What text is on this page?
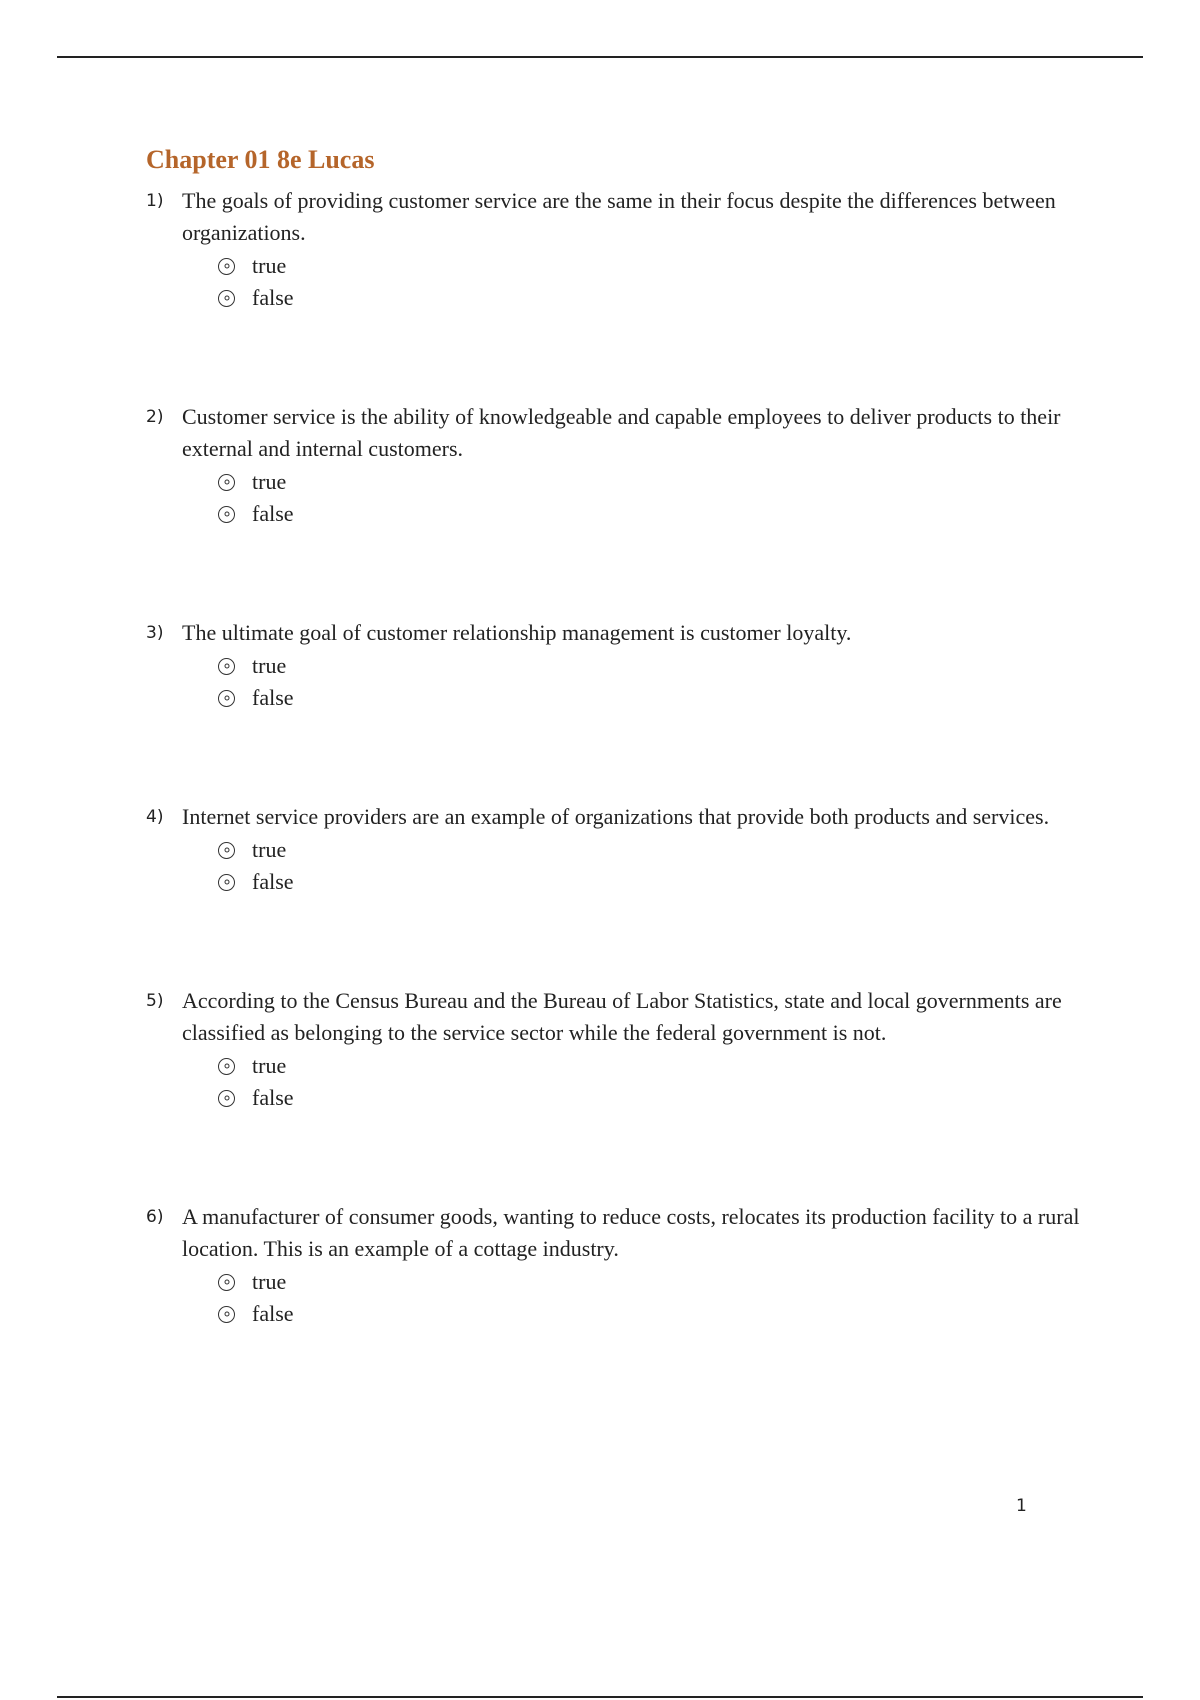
Chapter 01 8e Lucas
1) The goals of providing customer service are the same in their focus despite the differences between organizations.
true
false
2) Customer service is the ability of knowledgeable and capable employees to deliver products to their external and internal customers.
true
false
3) The ultimate goal of customer relationship management is customer loyalty.
true
false
4) Internet service providers are an example of organizations that provide both products and services.
true
false
5) According to the Census Bureau and the Bureau of Labor Statistics, state and local governments are classified as belonging to the service sector while the federal government is not.
true
false
6) A manufacturer of consumer goods, wanting to reduce costs, relocates its production facility to a rural location. This is an example of a cottage industry.
true
false
1
